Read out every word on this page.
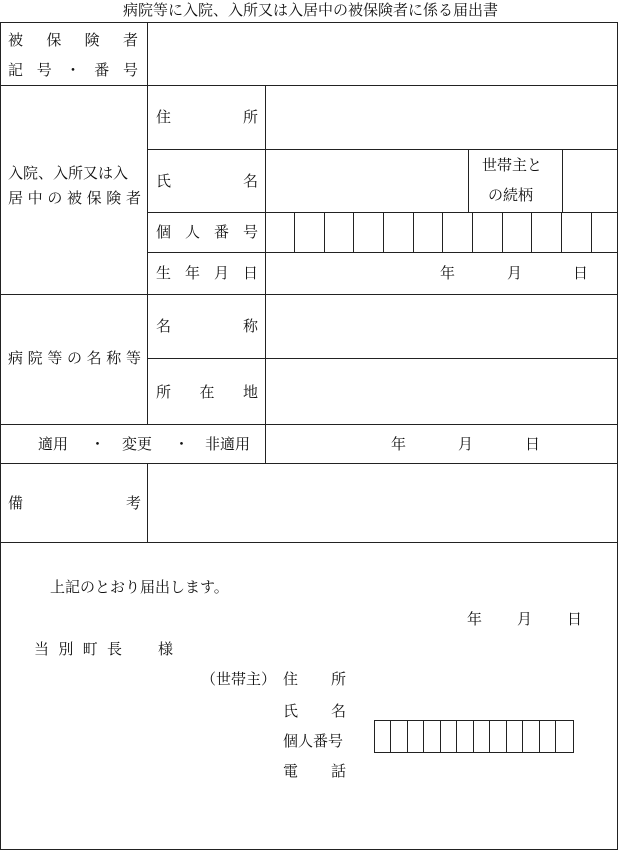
病院等に入院、入所又は入居中の被保険者に係る届出書
被 保 険 者
記 号 ・ 番 号
入院、入所又は入
居 中 の 被 保 険 者
住	所
氏	名
世帯主と
の続柄
個 人 番 号
生 年 月 日	年	月	日
病 院 等 の 名 称 等
名	称
所 在 地
適用 ・ 変更 ・ 非適用	年	月	日
備	考
上記のとおり届出します。
年 月 日
当 別 町 長 様
（世帯主） 住 所
氏 名
個人番号
電 話
